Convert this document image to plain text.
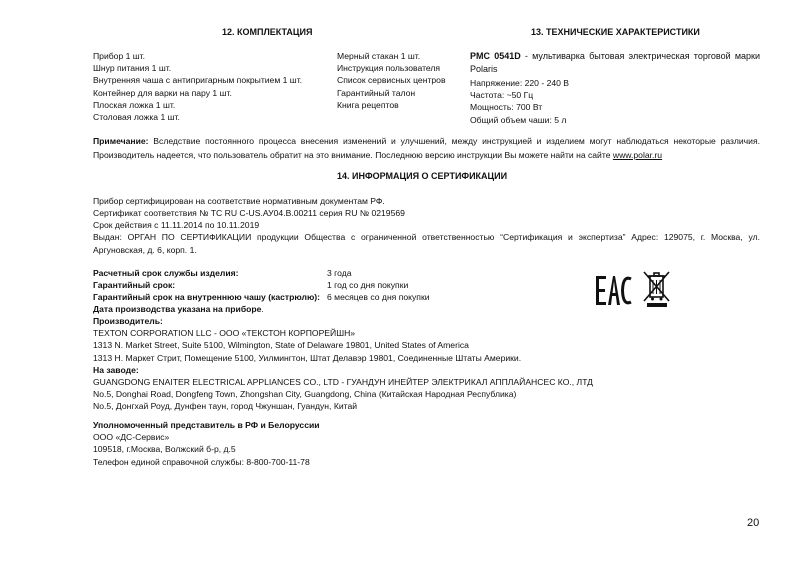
12. КОМПЛЕКТАЦИЯ
Прибор 1 шт.
Шнур питания 1 шт.
Внутренняя чаша с антипригарным покрытием 1 шт.
Контейнер для варки на пару 1 шт.
Плоская ложка 1 шт.
Столовая ложка 1 шт.
Мерный стакан 1 шт.
Инструкция пользователя
Список сервисных центров
Гарантийный талон
Книга рецептов
13. ТЕХНИЧЕСКИЕ ХАРАКТЕРИСТИКИ
PMC 0541D - мультиварка бытовая электрическая торговой марки Polaris
Напряжение: 220 - 240 В
Частота: ~50 Гц
Мощность: 700 Вт
Общий объем чаши: 5 л
Примечание: Вследствие постоянного процесса внесения изменений и улучшений, между инструкцией и изделием могут наблюдаться некоторые различия. Производитель надеется, что пользователь обратит на это внимание. Последнюю версию инструкции Вы можете найти на сайте www.polar.ru
14. ИНФОРМАЦИЯ О СЕРТИФИКАЦИИ
Прибор сертифицирован на соответствие нормативным документам РФ.
Сертификат соответствия № TC RU C-US.АУ04.В.00211 серия RU № 0219569
Срок действия с 11.11.2014 по 10.11.2019
Выдан: ОРГАН ПО СЕРТИФИКАЦИИ продукции Общества с ограниченной ответственностью “Сертификация и экспертиза” Адрес: 129075, г. Москва, ул. Аргуновская, д. 6, корп. 1.
Расчетный срок службы изделия:	3 года
Гарантийный срок:	1 год со дня покупки
Гарантийный срок на внутреннюю чашу (кастрюлю): 6 месяцев со дня покупки
Дата производства указана на приборе.
Производитель:
TEXTON CORPORATION LLC - ООО «ТЕКСТОН КОРПОРЕЙШН»
1313 N. Market Street, Suite 5100, Wilmington, State of Delaware 19801, United States of America
1313 Н. Маркет Стрит, Помещение 5100, Уилмингтон, Штат Делавэр 19801, Соединенные Штаты Америки.
На заводе:
GUANGDONG ENAITER ELECTRICAL APPLIANCES CO., LTD - ГУАНДУН ИНЕЙТЕР ЭЛЕКТРИКАЛ АППЛАЙАНСЕС КО., ЛТД
No.5, Donghai Road, Dongfeng Town, Zhongshan City, Guangdong, China (Китайская Народная Республика)
No.5, Донгхай Роуд, Дунфен таун, город Чжуншан, Гуандун, Китай
Уполномоченный представитель в РФ и Белоруссии
ООО «ДС-Сервис»
109518, г.Москва, Волжский б-р, д.5
Телефон единой справочной службы: 8-800-700-11-78
20
